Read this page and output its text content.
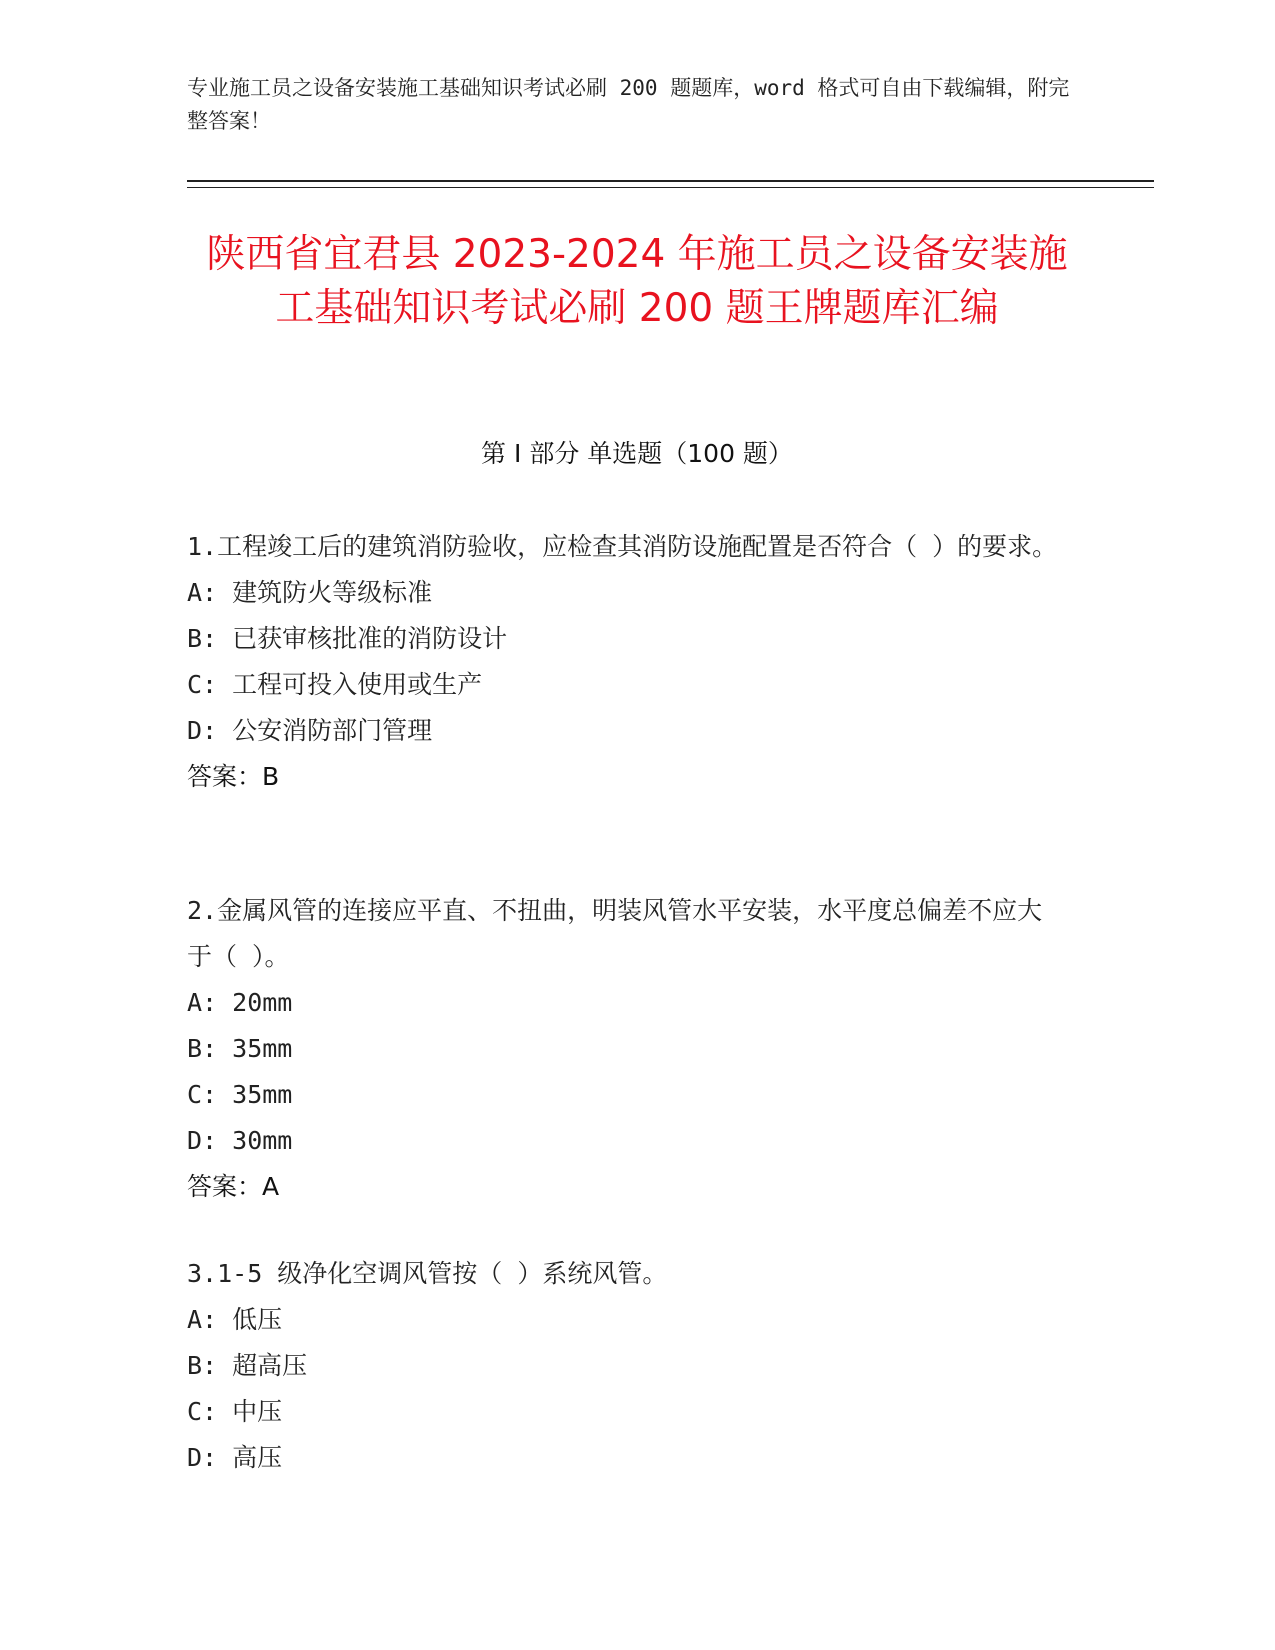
专业施工员之设备安装施工基础知识考试必刷 200 题题库，word 格式可自由下载编辑，附完整答案！
陕西省宜君县 2023-2024 年施工员之设备安装施工基础知识考试必刷 200 题王牌题库汇编
第 I 部分 单选题（100 题）

1.工程竣工后的建筑消防验收，应检查其消防设施配置是否符合（ ）的要求。

A: 建筑防火等级标准

B: 已获审核批准的消防设计

C: 工程可投入使用或生产

D: 公安消防部门管理

答案：B

2.金属风管的连接应平直、不扭曲，明装风管水平安装，水平度总偏差不应大于（ ）。

A: 20mm

B: 35mm

C: 35mm

D: 30mm

答案：A

3.1-5 级净化空调风管按（ ）系统风管。

A: 低压

B: 超高压

C: 中压

D: 高压
